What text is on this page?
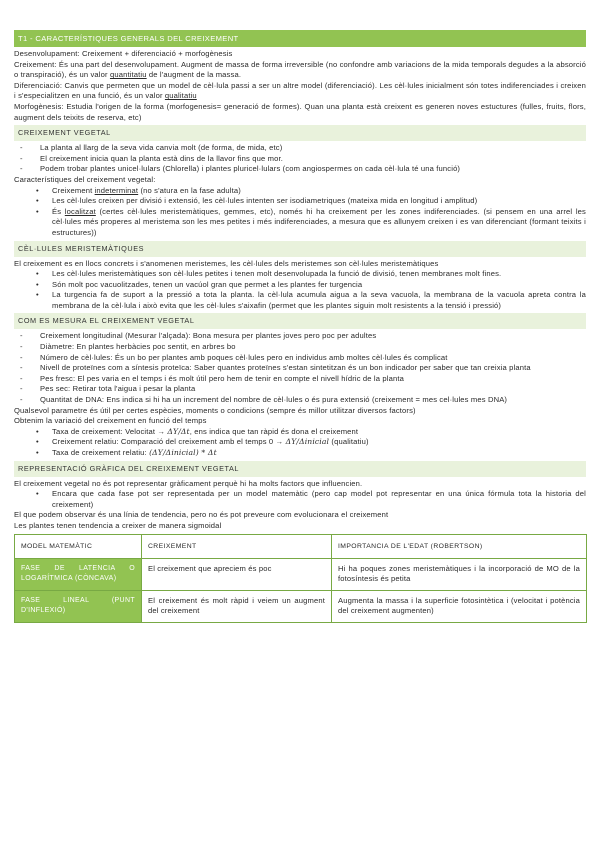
T1 - CARACTERÍSTIQUES GENERALS DEL CREIXEMENT

Desenvolupament: Creixement + diferenciació + morfogènesis

Creixement: És una part del desenvolupament. Augment de massa de forma irreversible (no confondre amb variacions de la mida temporals degudes a la absorció o transpiració), és un valor quantitatiu de l'augment de la massa.

Diferenciació: Canvis que permeten que un model de cèl·lula passi a ser un altre model (diferenciació). Les cèl·lules inicialment són totes indiferenciades i creixen i s'especialitzen en una funció, és un valor qualitatiu

Morfogènesis: Estudia l'origen de la forma (morfogenesis= generació de formes). Quan una planta està creixent es generen noves estuctures (fulles, fruits, flors, augment dels teixits de reserva, etc)

CREIXEMENT VEGETAL
- La planta al llarg de la seva vida canvia molt (de forma, de mida, etc)
- El creixement inicia quan la planta està dins de la llavor fins que mor.
- Podem trobar plantes unicel·lulars (Chlorella) i plantes pluricel·lulars (com angiospermes on cada cèl·lula té una funció)

Característiques del creixement vegetal:

• Creixement indeterminat (no s'atura en la fase adulta)
• Les cèl·lules creixen per divisió i extensió, les cèl·lules intenten ser isodiametriques (mateixa mida en longitud i amplitud)
• És localitzat (certes cèl·lules meristemàtiques, gemmes, etc), només hi ha creixement per les zones indiferenciades. (si pensem en una arrel les cèl·lules més properes al meristema son les mes petites i més indiferenciades, a mesura que es allunyem creixen i es van diferenciant (formant teixits i estructures))
CÈL·LULES MERISTEMÀTIQUES

El creixement es en llocs concrets i s'anomenen meristemes, les cèl·lules dels meristemes son cèl·lules meristemàtiques

• Les cèl·lules meristemàtiques son cèl·lules petites i tenen molt desenvolupada la funció de divisió, tenen membranes molt fines.
• Són molt poc vacuolitzades, tenen un vacúol gran que permet a les plantes fer turgencia
• La turgencia fa de suport a la pressió a tota la planta. la cèl·lula acumula aigua a la seva vacuola, la membrana de la vacuola apreta contra la membrana de la cèl·lula i això evita que les cèl·lules s'aixafin (permet que les plantes siguin molt resistents a la tensió i pressió)
COM ES MESURA EL CREIXEMENT VEGETAL
- Creixement longitudinal (Mesurar l'alçada): Bona mesura per plantes joves pero poc per adultes
- Diàmetre: En plantes herbàcies poc sentit, en arbres bo
- Número de cèl·lules: És un bo per plantes amb poques cèl·lules pero en individus amb moltes cèl·lules és complicat
- Nivell de proteïnes com a síntesis proteïca: Saber quantes proteïnes s'estan sintetitzan és un bon indicador per saber que tan creixia planta
- Pes fresc: El pes varia en el temps i és molt útil pero hem de tenir en compte el nivell hídric de la planta
- Pes sec: Retirar tota l'aigua i pesar la planta
- Quantitat de DNA: Ens indica si hi ha un increment del nombre de cèl·lules o és pura extensió (creixement = mes cel·lules mes DNA)

Qualsevol parametre és útil per certes espècies, moments o condicions (sempre és millor utilitzar diversos factors)

Obtenim la variació del creixement en funció del temps

• Taxa de creixement: Velocitat → ΔY/Δt, ens indica que tan ràpid és dona el creixement
• Creixement relatiu: Comparació del creixement amb el temps 0 → ΔY/Δinicial (qualitatiu)
• Taxa de creixement relatiu: (ΔY/Δinicial) * Δt
REPRESENTACIÓ GRÀFICA DEL CREIXEMENT VEGETAL

El creixement vegetal no és pot representar gràficament perquè hi ha molts factors que influencien.

• Encara que cada fase pot ser representada per un model matemàtic (pero cap model pot representar en una única fórmula tota la historia del creixement)

El que podem observar és una línia de tendencia, pero no és pot preveure com evolucionara el creixement

Les plantes tenen tendencia a creixer de manera sigmoidal

MODEL MATEMÀTIC	CREIXEMENT	IMPORTANCIA DE L'EDAT (ROBERTSON)
FASE DE LATENCIA O LOGARÍTMICA (CÒNCAVA)	El creixement que apreciem és poc	Hi ha poques zones meristemàtiques i la incorporació de MO de la fotosíntesis és petita
FASE LINEAL (PUNT D'INFLEXIÓ)	El creixement és molt ràpid i veiem un augment del creixement	Augmenta la massa i la superficie fotosintètica i (velocitat i potència del creixement augmenten)
